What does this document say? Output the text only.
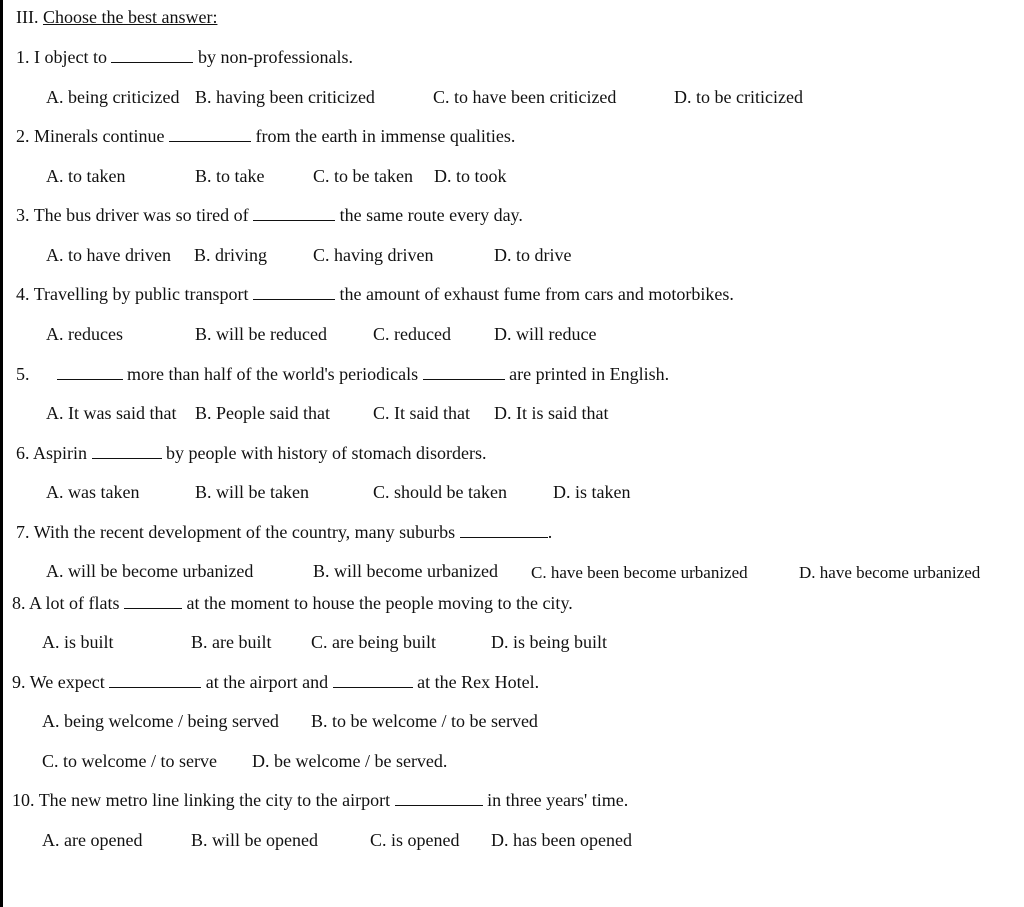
III. Choose the best answer:
1. I object to	by non-professionals.
A. being criticized B. having been criticized	C. to have been criticized	D. to be criticized
2. Minerals continue	from the earth in immense qualities.
A. to taken	B. to take	C. to be taken D. to took
3. The bus driver was so tired of	the same route every day.
A. to have driven B. driving	C. having driven	D. to drive
4. Travelling by public transport	the amount of exhaust fume from cars and motorbikes.
A. reduces	B. will be reduced	C. reduced D. will reduce
5.	more than half of the world's periodicals	are printed in English.
A. It was said that B. People said that C. It said that D. It is said that
6. Aspirin	by people with history of stomach disorders.
A. was taken	B. will be taken	C. should be taken	D. is taken
7. With the recent development of the country, many suburbs	.
A. will be become urbanized	B. will become urbanized C. have been become urbanized	D. have become urbanized
8. A lot of flats	at the moment to house the people moving to the city.
A. is built	B. are built C. are being built	D. is being built
9. We expect	at the airport and	at the Rex Hotel.
A. being welcome / being served B. to be welcome / to be served
C. to welcome / to serve D. be welcome / be served.
10. The new metro line linking the city to the airport	in three years' time.
A. are opened	B. will be opened	C. is opened D. has been opened
